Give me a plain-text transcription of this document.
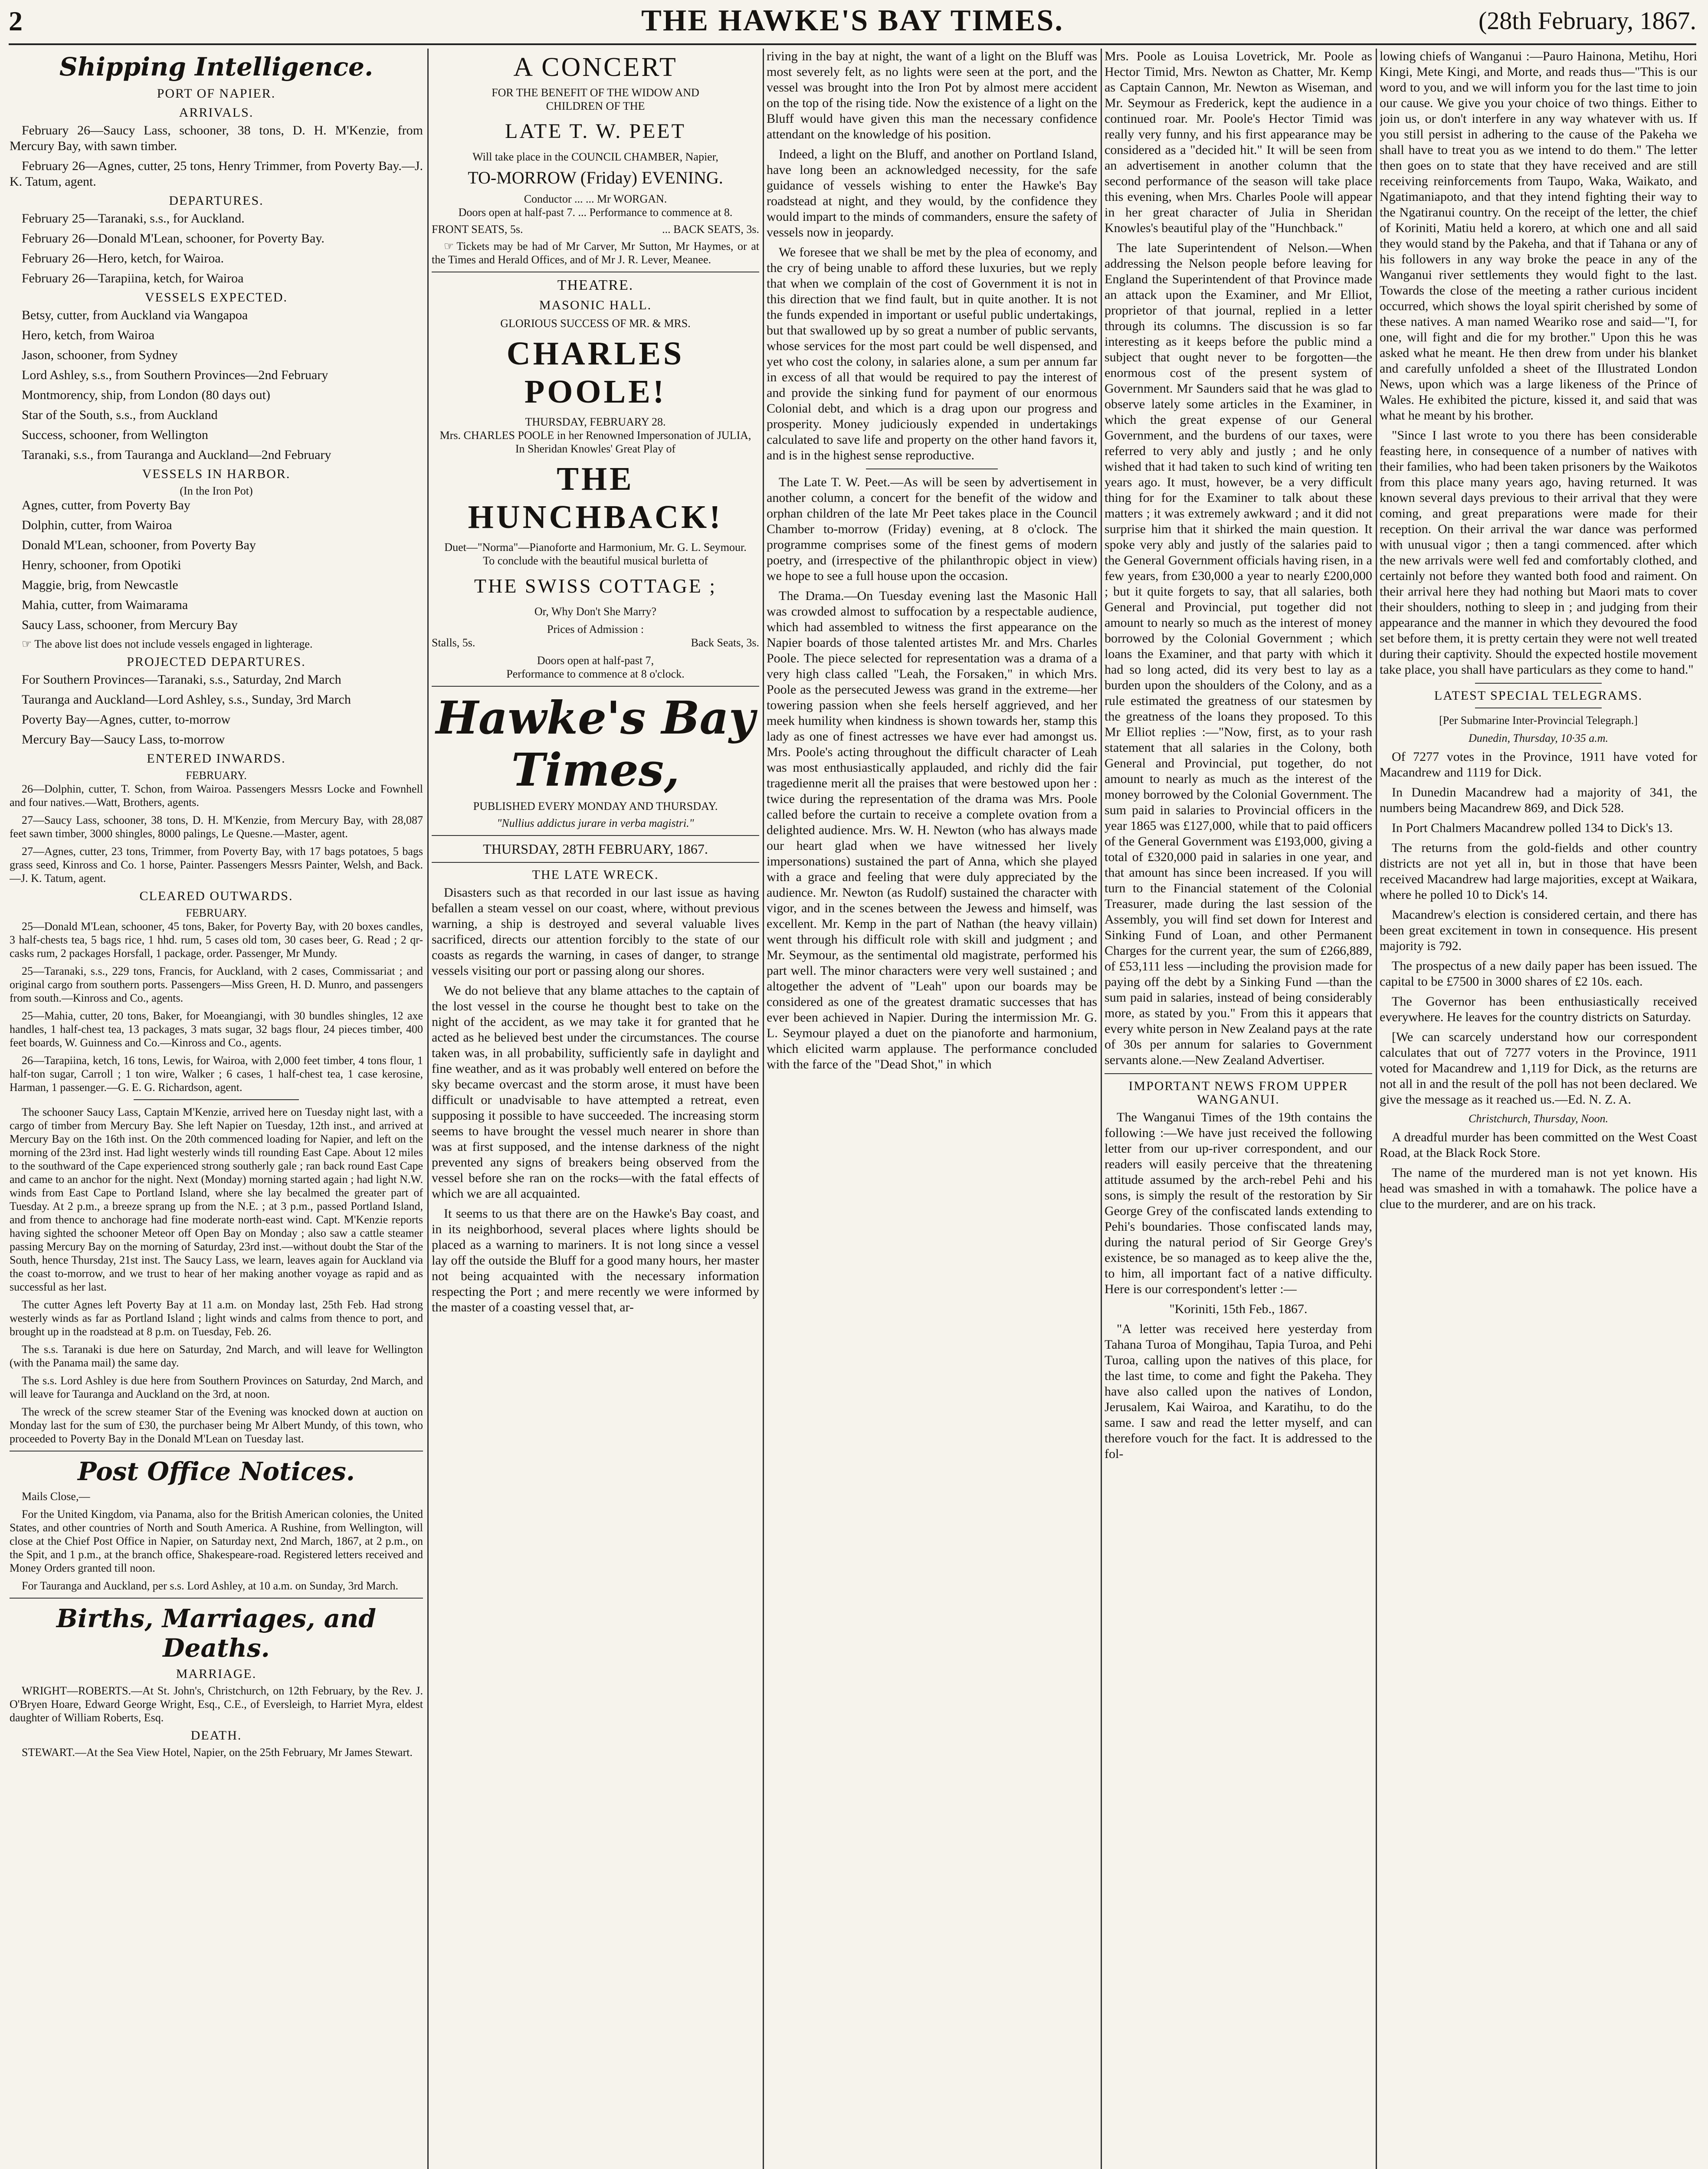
2	THE HAWKE'S BAY TIMES.	(28th February, 1867.
Shipping Intelligence.
PORT OF NAPIER.
ARRIVALS.

February 26—Saucy Lass, schooner, 38 tons, D. H. M'Kenzie, from Mercury Bay, with sawn timber.

February 26—Agnes, cutter, 25 tons, Henry Trimmer, from Poverty Bay.—J. K. Tatum, agent.

DEPARTURES.

February 25—Taranaki, s.s., for Auckland.

February 26—Donald M'Lean, schooner, for Poverty Bay.

February 26—Hero, ketch, for Wairoa.

February 26—Tarapiina, ketch, for Wairoa

VESSELS EXPECTED.

Betsy, cutter, from Auckland via Wangapoa

Hero, ketch, from Wairoa

Jason, schooner, from Sydney

Lord Ashley, s.s., from Southern Provinces—2nd February

Montmorency, ship, from London (80 days out)

Star of the South, s.s., from Auckland

Success, schooner, from Wellington

Taranaki, s.s., from Tauranga and Auckland—2nd February

VESSELS IN HARBOR.
(In the Iron Pot)

Agnes, cutter, from Poverty Bay

Dolphin, cutter, from Wairoa

Donald M'Lean, schooner, from Poverty Bay

Henry, schooner, from Opotiki

Maggie, brig, from Newcastle

Mahia, cutter, from Waimarama

Saucy Lass, schooner, from Mercury Bay

☞ The above list does not include vessels engaged in lighterage.

PROJECTED DEPARTURES.

For Southern Provinces—Taranaki, s.s., Saturday, 2nd March

Tauranga and Auckland—Lord Ashley, s.s., Sunday, 3rd March

Poverty Bay—Agnes, cutter, to-morrow

Mercury Bay—Saucy Lass, to-morrow

ENTERED INWARDS.
FEBRUARY.

26—Dolphin, cutter, T. Schon, from Wairoa. Passengers Messrs Locke and Fownhell and four natives.—Watt, Brothers, agents.

27—Saucy Lass, schooner, 38 tons, D. H. M'Kenzie, from Mercury Bay, with 28,087 feet sawn timber, 3000 shingles, 8000 palings, Le Quesne.—Master, agent.

27—Agnes, cutter, 23 tons, Trimmer, from Poverty Bay, with 17 bags potatoes, 5 bags grass seed, Kinross and Co. 1 horse, Painter. Passengers Messrs Painter, Welsh, and Back.—J. K. Tatum, agent.

CLEARED OUTWARDS.
FEBRUARY.

25—Donald M'Lean, schooner, 45 tons, Baker, for Poverty Bay, with 20 boxes candles, 3 half-chests tea, 5 bags rice, 1 hhd. rum, 5 cases old tom, 30 cases beer, G. Read ; 2 qr-casks rum, 2 packages Horsfall, 1 package, order. Passenger, Mr Mundy.

25—Taranaki, s.s., 229 tons, Francis, for Auckland, with 2 cases, Commissariat ; and original cargo from southern ports. Passengers—Miss Green, H. D. Munro, and passengers from south.—Kinross and Co., agents.

25—Mahia, cutter, 20 tons, Baker, for Moeangiangi, with 30 bundles shingles, 12 axe handles, 1 half-chest tea, 13 packages, 3 mats sugar, 32 bags flour, 24 pieces timber, 400 feet boards, W. Guinness and Co.—Kinross and Co., agents.

26—Tarapiina, ketch, 16 tons, Lewis, for Wairoa, with 2,000 feet timber, 4 tons flour, 1 half-ton sugar, Carroll ; 1 ton wire, Walker ; 6 cases, 1 half-chest tea, 1 case kerosine, Harman, 1 passenger.—G. E. G. Richardson, agent.

The schooner Saucy Lass, Captain M'Kenzie, arrived here on Tuesday night last, with a cargo of timber from Mercury Bay. She left Napier on Tuesday, 12th inst., and arrived at Mercury Bay on the 16th inst. On the 20th commenced loading for Napier, and left on the morning of the 23rd inst. Had light westerly winds till rounding East Cape. About 12 miles to the southward of the Cape experienced strong southerly gale ; ran back round East Cape and came to an anchor for the night. Next (Monday) morning started again ; had light N.W. winds from East Cape to Portland Island, where she lay becalmed the greater part of Tuesday. At 2 p.m., a breeze sprang up from the N.E. ; at 3 p.m., passed Portland Island, and from thence to anchorage had fine moderate north-east wind. Capt. M'Kenzie reports having sighted the schooner Meteor off Open Bay on Monday ; also saw a cattle steamer passing Mercury Bay on the morning of Saturday, 23rd inst.—without doubt the Star of the South, hence Thursday, 21st inst. The Saucy Lass, we learn, leaves again for Auckland via the coast to-morrow, and we trust to hear of her making another voyage as rapid and as successful as her last.

The cutter Agnes left Poverty Bay at 11 a.m. on Monday last, 25th Feb. Had strong westerly winds as far as Portland Island ; light winds and calms from thence to port, and brought up in the roadstead at 8 p.m. on Tuesday, Feb. 26.

The s.s. Taranaki is due here on Saturday, 2nd March, and will leave for Wellington (with the Panama mail) the same day.

The s.s. Lord Ashley is due here from Southern Provinces on Saturday, 2nd March, and will leave for Tauranga and Auckland on the 3rd, at noon.

The wreck of the screw steamer Star of the Evening was knocked down at auction on Monday last for the sum of £30, the purchaser being Mr Albert Mundy, of this town, who proceeded to Poverty Bay in the Donald M'Lean on Tuesday last.

Post Office Notices.

Mails Close,—

For the United Kingdom, via Panama, also for the British American colonies, the United States, and other countries of North and South America. A Rushine, from Wellington, will close at the Chief Post Office in Napier, on Saturday next, 2nd March, 1867, at 2 p.m., on the Spit, and 1 p.m., at the branch office, Shakespeare-road. Registered letters received and Money Orders granted till noon.

For Tauranga and Auckland, per s.s. Lord Ashley, at 10 a.m. on Sunday, 3rd March.

Births, Marriages, and Deaths.
MARRIAGE.

WRIGHT—ROBERTS.—At St. John's, Christchurch, on 12th February, by the Rev. J. O'Bryen Hoare, Edward George Wright, Esq., C.E., of Eversleigh, to Harriet Myra, eldest daughter of William Roberts, Esq.

DEATH.

STEWART.—At the Sea View Hotel, Napier, on the 25th February, Mr James Stewart.

A CONCERT
FOR THE BENEFIT OF THE WIDOW AND
CHILDREN OF THE
LATE T. W. PEET
Will take place in the COUNCIL CHAMBER, Napier,
TO-MORROW (Friday) EVENING.
Conductor ... ... Mr WORGAN.
Doors open at half-past 7. ... Performance to commence at 8.
FRONT SEATS, 5s.	... BACK SEATS, 3s.

☞ Tickets may be had of Mr Carver, Mr Sutton, Mr Haymes, or at the Times and Herald Offices, and of Mr J. R. Lever, Meanee.

THEATRE.
MASONIC HALL.
GLORIOUS SUCCESS OF MR. & MRS.
CHARLES POOLE!
THURSDAY, FEBRUARY 28.
Mrs. CHARLES POOLE in her Renowned Impersonation of JULIA,
In Sheridan Knowles' Great Play of
THE HUNCHBACK!
Duet—"Norma"—Pianoforte and Harmonium, Mr. G. L. Seymour.
To conclude with the beautiful musical burletta of
THE SWISS COTTAGE ;
Or, Why Don't She Marry?
Prices of Admission :
Stalls, 5s.	Back Seats, 3s.
Doors open at half-past 7,
Performance to commence at 8 o'clock.
Hawke's Bay Times,
PUBLISHED EVERY MONDAY AND THURSDAY.
"Nullius addictus jurare in verba magistri."
THURSDAY, 28TH FEBRUARY, 1867.
THE LATE WRECK.

Disasters such as that recorded in our last issue as having befallen a steam vessel on our coast, where, without previous warning, a ship is destroyed and several valuable lives sacrificed, directs our attention forcibly to the state of our coasts as regards the warning, in cases of danger, to strange vessels visiting our port or passing along our shores.

We do not believe that any blame attaches to the captain of the lost vessel in the course he thought best to take on the night of the accident, as we may take it for granted that he acted as he believed best under the circumstances. The course taken was, in all probability, sufficiently safe in daylight and fine weather, and as it was probably well entered on before the sky became overcast and the storm arose, it must have been difficult or unadvisable to have attempted a retreat, even supposing it possible to have succeeded. The increasing storm seems to have brought the vessel much nearer in shore than was at first supposed, and the intense darkness of the night prevented any signs of breakers being observed from the vessel before she ran on the rocks—with the fatal effects of which we are all acquainted.

It seems to us that there are on the Hawke's Bay coast, and in its neighborhood, several places where lights should be placed as a warning to mariners. It is not long since a vessel lay off the outside the Bluff for a good many hours, her master not being acquainted with the necessary information respecting the Port ; and mere recently we were informed by the master of a coasting vessel that, ar-

riving in the bay at night, the want of a light on the Bluff was most severely felt, as no lights were seen at the port, and the vessel was brought into the Iron Pot by almost mere accident on the top of the rising tide. Now the existence of a light on the Bluff would have given this man the necessary confidence attendant on the knowledge of his position.

Indeed, a light on the Bluff, and another on Portland Island, have long been an acknowledged necessity, for the safe guidance of vessels wishing to enter the Hawke's Bay roadstead at night, and they would, by the confidence they would impart to the minds of commanders, ensure the safety of vessels now in jeopardy.

We foresee that we shall be met by the plea of economy, and the cry of being unable to afford these luxuries, but we reply that when we complain of the cost of Government it is not in this direction that we find fault, but in quite another. It is not the funds expended in important or useful public undertakings, but that swallowed up by so great a number of public servants, whose services for the most part could be well dispensed, and yet who cost the colony, in salaries alone, a sum per annum far in excess of all that would be required to pay the interest of and provide the sinking fund for payment of our enormous Colonial debt, and which is a drag upon our progress and prosperity. Money judiciously expended in undertakings calculated to save life and property on the other hand favors it, and is in the highest sense reproductive.

The Late T. W. Peet.—As will be seen by advertisement in another column, a concert for the benefit of the widow and orphan children of the late Mr Peet takes place in the Council Chamber to-morrow (Friday) evening, at 8 o'clock. The programme comprises some of the finest gems of modern poetry, and (irrespective of the philanthropic object in view) we hope to see a full house upon the occasion.

The Drama.—On Tuesday evening last the Masonic Hall was crowded almost to suffocation by a respectable audience, which had assembled to witness the first appearance on the Napier boards of those talented artistes Mr. and Mrs. Charles Poole. The piece selected for representation was a drama of a very high class called "Leah, the Forsaken," in which Mrs. Poole as the persecuted Jewess was grand in the extreme—her towering passion when she feels herself aggrieved, and her meek humility when kindness is shown towards her, stamp this lady as one of finest actresses we have ever had amongst us. Mrs. Poole's acting throughout the difficult character of Leah was most enthusiastically applauded, and richly did the fair tragedienne merit all the praises that were bestowed upon her : twice during the representation of the drama was Mrs. Poole called before the curtain to receive a complete ovation from a delighted audience. Mrs. W. H. Newton (who has always made our heart glad when we have witnessed her lively impersonations) sustained the part of Anna, which she played with a grace and feeling that were duly appreciated by the audience. Mr. Newton (as Rudolf) sustained the character with vigor, and in the scenes between the Jewess and himself, was excellent. Mr. Kemp in the part of Nathan (the heavy villain) went through his difficult role with skill and judgment ; and Mr. Seymour, as the sentimental old magistrate, performed his part well. The minor characters were very well sustained ; and altogether the advent of "Leah" upon our boards may be considered as one of the greatest dramatic successes that has ever been achieved in Napier. During the intermission Mr. G. L. Seymour played a duet on the pianoforte and harmonium, which elicited warm applause. The performance concluded with the farce of the "Dead Shot," in which

Mrs. Poole as Louisa Lovetrick, Mr. Poole as Hector Timid, Mrs. Newton as Chatter, Mr. Kemp as Captain Cannon, Mr. Newton as Wiseman, and Mr. Seymour as Frederick, kept the audience in a continued roar. Mr. Poole's Hector Timid was really very funny, and his first appearance may be considered as a "decided hit." It will be seen from an advertisement in another column that the second performance of the season will take place this evening, when Mrs. Charles Poole will appear in her great character of Julia in Sheridan Knowles's beautiful play of the "Hunchback."

The late Superintendent of Nelson.—When addressing the Nelson people before leaving for England the Superintendent of that Province made an attack upon the Examiner, and Mr Elliot, proprietor of that journal, replied in a letter through its columns. The discussion is so far interesting as it keeps before the public mind a subject that ought never to be forgotten—the enormous cost of the present system of Government. Mr Saunders said that he was glad to observe lately some articles in the Examiner, in which the great expense of our General Government, and the burdens of our taxes, were referred to very ably and justly ; and he only wished that it had taken to such kind of writing ten years ago. It must, however, be a very difficult thing for for the Examiner to talk about these matters ; it was extremely awkward ; and it did not surprise him that it shirked the main question. It spoke very ably and justly of the salaries paid to the General Government officials having risen, in a few years, from £30,000 a year to nearly £200,000 ; but it quite forgets to say, that all salaries, both General and Provincial, put together did not amount to nearly so much as the interest of money borrowed by the Colonial Government ; which loans the Examiner, and that party with which it had so long acted, did its very best to lay as a burden upon the shoulders of the Colony, and as a rule estimated the greatness of our statesmen by the greatness of the loans they proposed. To this Mr Elliot replies :—"Now, first, as to your rash statement that all salaries in the Colony, both General and Provincial, put together, do not amount to nearly as much as the interest of the money borrowed by the Colonial Government. The sum paid in salaries to Provincial officers in the year 1865 was £127,000, while that to paid officers of the General Government was £193,000, giving a total of £320,000 paid in salaries in one year, and that amount has since been increased. If you will turn to the Financial statement of the Colonial Treasurer, made during the last session of the Assembly, you will find set down for Interest and Sinking Fund of Loan, and other Permanent Charges for the current year, the sum of £266,889, of £53,111 less —including the provision made for paying off the debt by a Sinking Fund —than the sum paid in salaries, instead of being considerably more, as stated by you." From this it appears that every white person in New Zealand pays at the rate of 30s per annum for salaries to Government servants alone.—New Zealand Advertiser.

IMPORTANT NEWS FROM UPPER WANGANUI.

The Wanganui Times of the 19th contains the following :—We have just received the following letter from our up-river correspondent, and our readers will easily perceive that the threatening attitude assumed by the arch-rebel Pehi and his sons, is simply the result of the restoration by Sir George Grey of the confiscated lands extending to Pehi's boundaries. Those confiscated lands may, during the natural period of Sir George Grey's existence, be so managed as to keep alive the the, to him, all important fact of a native difficulty. Here is our correspondent's letter :—

"Koriniti, 15th Feb., 1867.

"A letter was received here yesterday from Tahana Turoa of Mongihau, Tapia Turoa, and Pehi Turoa, calling upon the natives of this place, for the last time, to come and fight the Pakeha. They have also called upon the natives of London, Jerusalem, Kai Wairoa, and Karatihu, to do the same. I saw and read the letter myself, and can therefore vouch for the fact. It is addressed to the fol-

lowing chiefs of Wanganui :—Pauro Hainona, Metihu, Hori Kingi, Mete Kingi, and Morte, and reads thus—"This is our word to you, and we will inform you for the last time to join our cause. We give you your choice of two things. Either to join us, or don't interfere in any way whatever with us. If you still persist in adhering to the cause of the Pakeha we shall have to treat you as we intend to do them." The letter then goes on to state that they have received and are still receiving reinforcements from Taupo, Waka, Waikato, and Ngatimaniapoto, and that they intend fighting their way to the Ngatiranui country. On the receipt of the letter, the chief of Koriniti, Matiu held a korero, at which one and all said they would stand by the Pakeha, and that if Tahana or any of his followers in any way broke the peace in any of the Wanganui river settlements they would fight to the last. Towards the close of the meeting a rather curious incident occurred, which shows the loyal spirit cherished by some of these natives. A man named Weariko rose and said—"I, for one, will fight and die for my brother." Upon this he was asked what he meant. He then drew from under his blanket and carefully unfolded a sheet of the Illustrated London News, upon which was a large likeness of the Prince of Wales. He exhibited the picture, kissed it, and said that was what he meant by his brother.

"Since I last wrote to you there has been considerable feasting here, in consequence of a number of natives with their families, who had been taken prisoners by the Waikotos from this place many years ago, having returned. It was known several days previous to their arrival that they were coming, and great preparations were made for their reception. On their arrival the war dance was performed with unusual vigor ; then a tangi commenced. after which the new arrivals were well fed and comfortably clothed, and certainly not before they wanted both food and raiment. On their arrival here they had nothing but Maori mats to cover their shoulders, nothing to sleep in ; and judging from their appearance and the manner in which they devoured the food set before them, it is pretty certain they were not well treated during their captivity. Should the expected hostile movement take place, you shall have particulars as they come to hand."

LATEST SPECIAL TELEGRAMS.
[Per Submarine Inter-Provincial Telegraph.]
Dunedin, Thursday, 10·35 a.m.

Of 7277 votes in the Province, 1911 have voted for Macandrew and 1119 for Dick.

In Dunedin Macandrew had a majority of 341, the numbers being Macandrew 869, and Dick 528.

In Port Chalmers Macandrew polled 134 to Dick's 13.

The returns from the gold-fields and other country districts are not yet all in, but in those that have been received Macandrew had large majorities, except at Waikara, where he polled 10 to Dick's 14.

Macandrew's election is considered certain, and there has been great excitement in town in consequence. His present majority is 792.

The prospectus of a new daily paper has been issued. The capital to be £7500 in 3000 shares of £2 10s. each.

The Governor has been enthusiastically received everywhere. He leaves for the country districts on Saturday.

[We can scarcely understand how our correspondent calculates that out of 7277 voters in the Province, 1911 voted for Macandrew and 1,119 for Dick, as the returns are not all in and the result of the poll has not been declared. We give the message as it reached us.—Ed. N. Z. A.

Christchurch, Thursday, Noon.

A dreadful murder has been committed on the West Coast Road, at the Black Rock Store.

The name of the murdered man is not yet known. His head was smashed in with a tomahawk. The police have a clue to the murderer, and are on his track.
